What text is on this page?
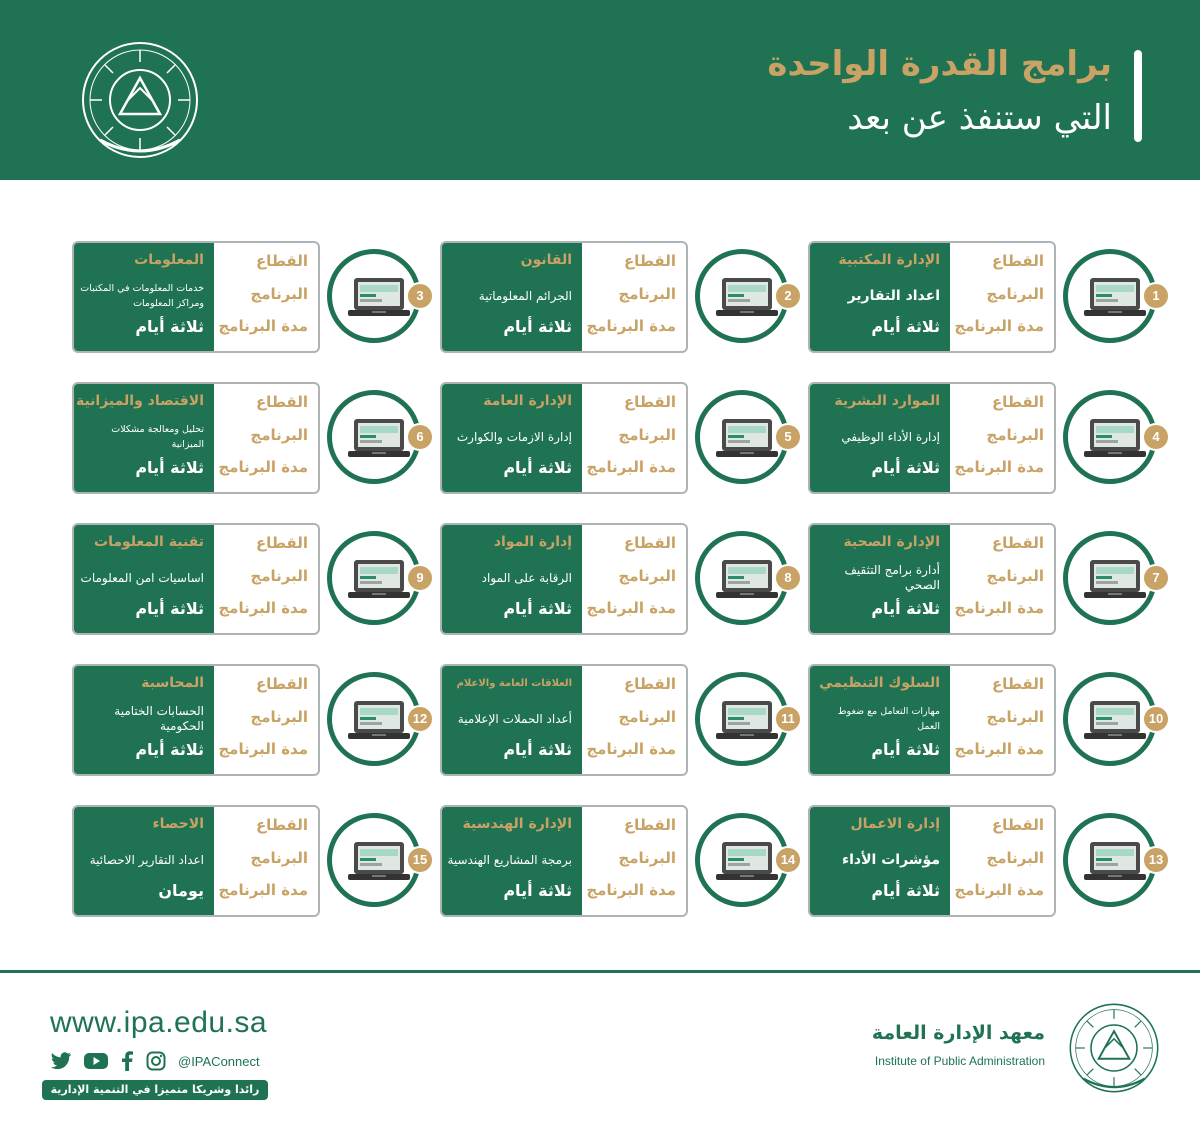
برامج القدرة الواحدة
التي ستنفذ عن بعد
1
القطاع
البرنامج
مدة البرنامج
الإدارة المكتبية
اعداد التقارير
ثلاثة أيام
2
القطاع
البرنامج
مدة البرنامج
القانون
الجرائم المعلوماتية
ثلاثة أيام
3
القطاع
البرنامج
مدة البرنامج
المعلومات
خدمات المعلومات في المكتبات ومراكز المعلومات
ثلاثة أيام
4
القطاع
البرنامج
مدة البرنامج
الموارد البشرية
إدارة الأداء الوظيفي
ثلاثة أيام
5
القطاع
البرنامج
مدة البرنامج
الإدارة العامة
إدارة الازمات والكوارث
ثلاثة أيام
6
القطاع
البرنامج
مدة البرنامج
الاقتصاد والميزانية
تحليل ومعالجة مشكلات الميزانية
ثلاثة أيام
7
القطاع
البرنامج
مدة البرنامج
الإدارة الصحية
أدارة برامج التثقيف الصحي
ثلاثة أيام
8
القطاع
البرنامج
مدة البرنامج
إدارة المواد
الرقابة على المواد
ثلاثة أيام
9
القطاع
البرنامج
مدة البرنامج
تقنية المعلومات
اساسيات امن المعلومات
ثلاثة أيام
10
القطاع
البرنامج
مدة البرنامج
السلوك التنظيمي
مهارات التعامل مع ضغوط العمل
ثلاثة أيام
11
القطاع
البرنامج
مدة البرنامج
العلاقات العامة والاعلام
أعداد الحملات الإعلامية
ثلاثة أيام
12
القطاع
البرنامج
مدة البرنامج
المحاسبة
الحسابات الختامية الحكومية
ثلاثة أيام
13
القطاع
البرنامج
مدة البرنامج
إدارة الاعمال
مؤشرات الأداء
ثلاثة أيام
14
القطاع
البرنامج
مدة البرنامج
الإدارة الهندسية
برمجة المشاريع الهندسية
ثلاثة أيام
15
القطاع
البرنامج
مدة البرنامج
الاحصاء
اعداد التقارير الاحصائية
يومان
www.ipa.edu.sa
@IPAConnect
رائدا وشريكا متميزا في التنمية الإدارية
معهد الإدارة العامة
Institute of Public Administration
